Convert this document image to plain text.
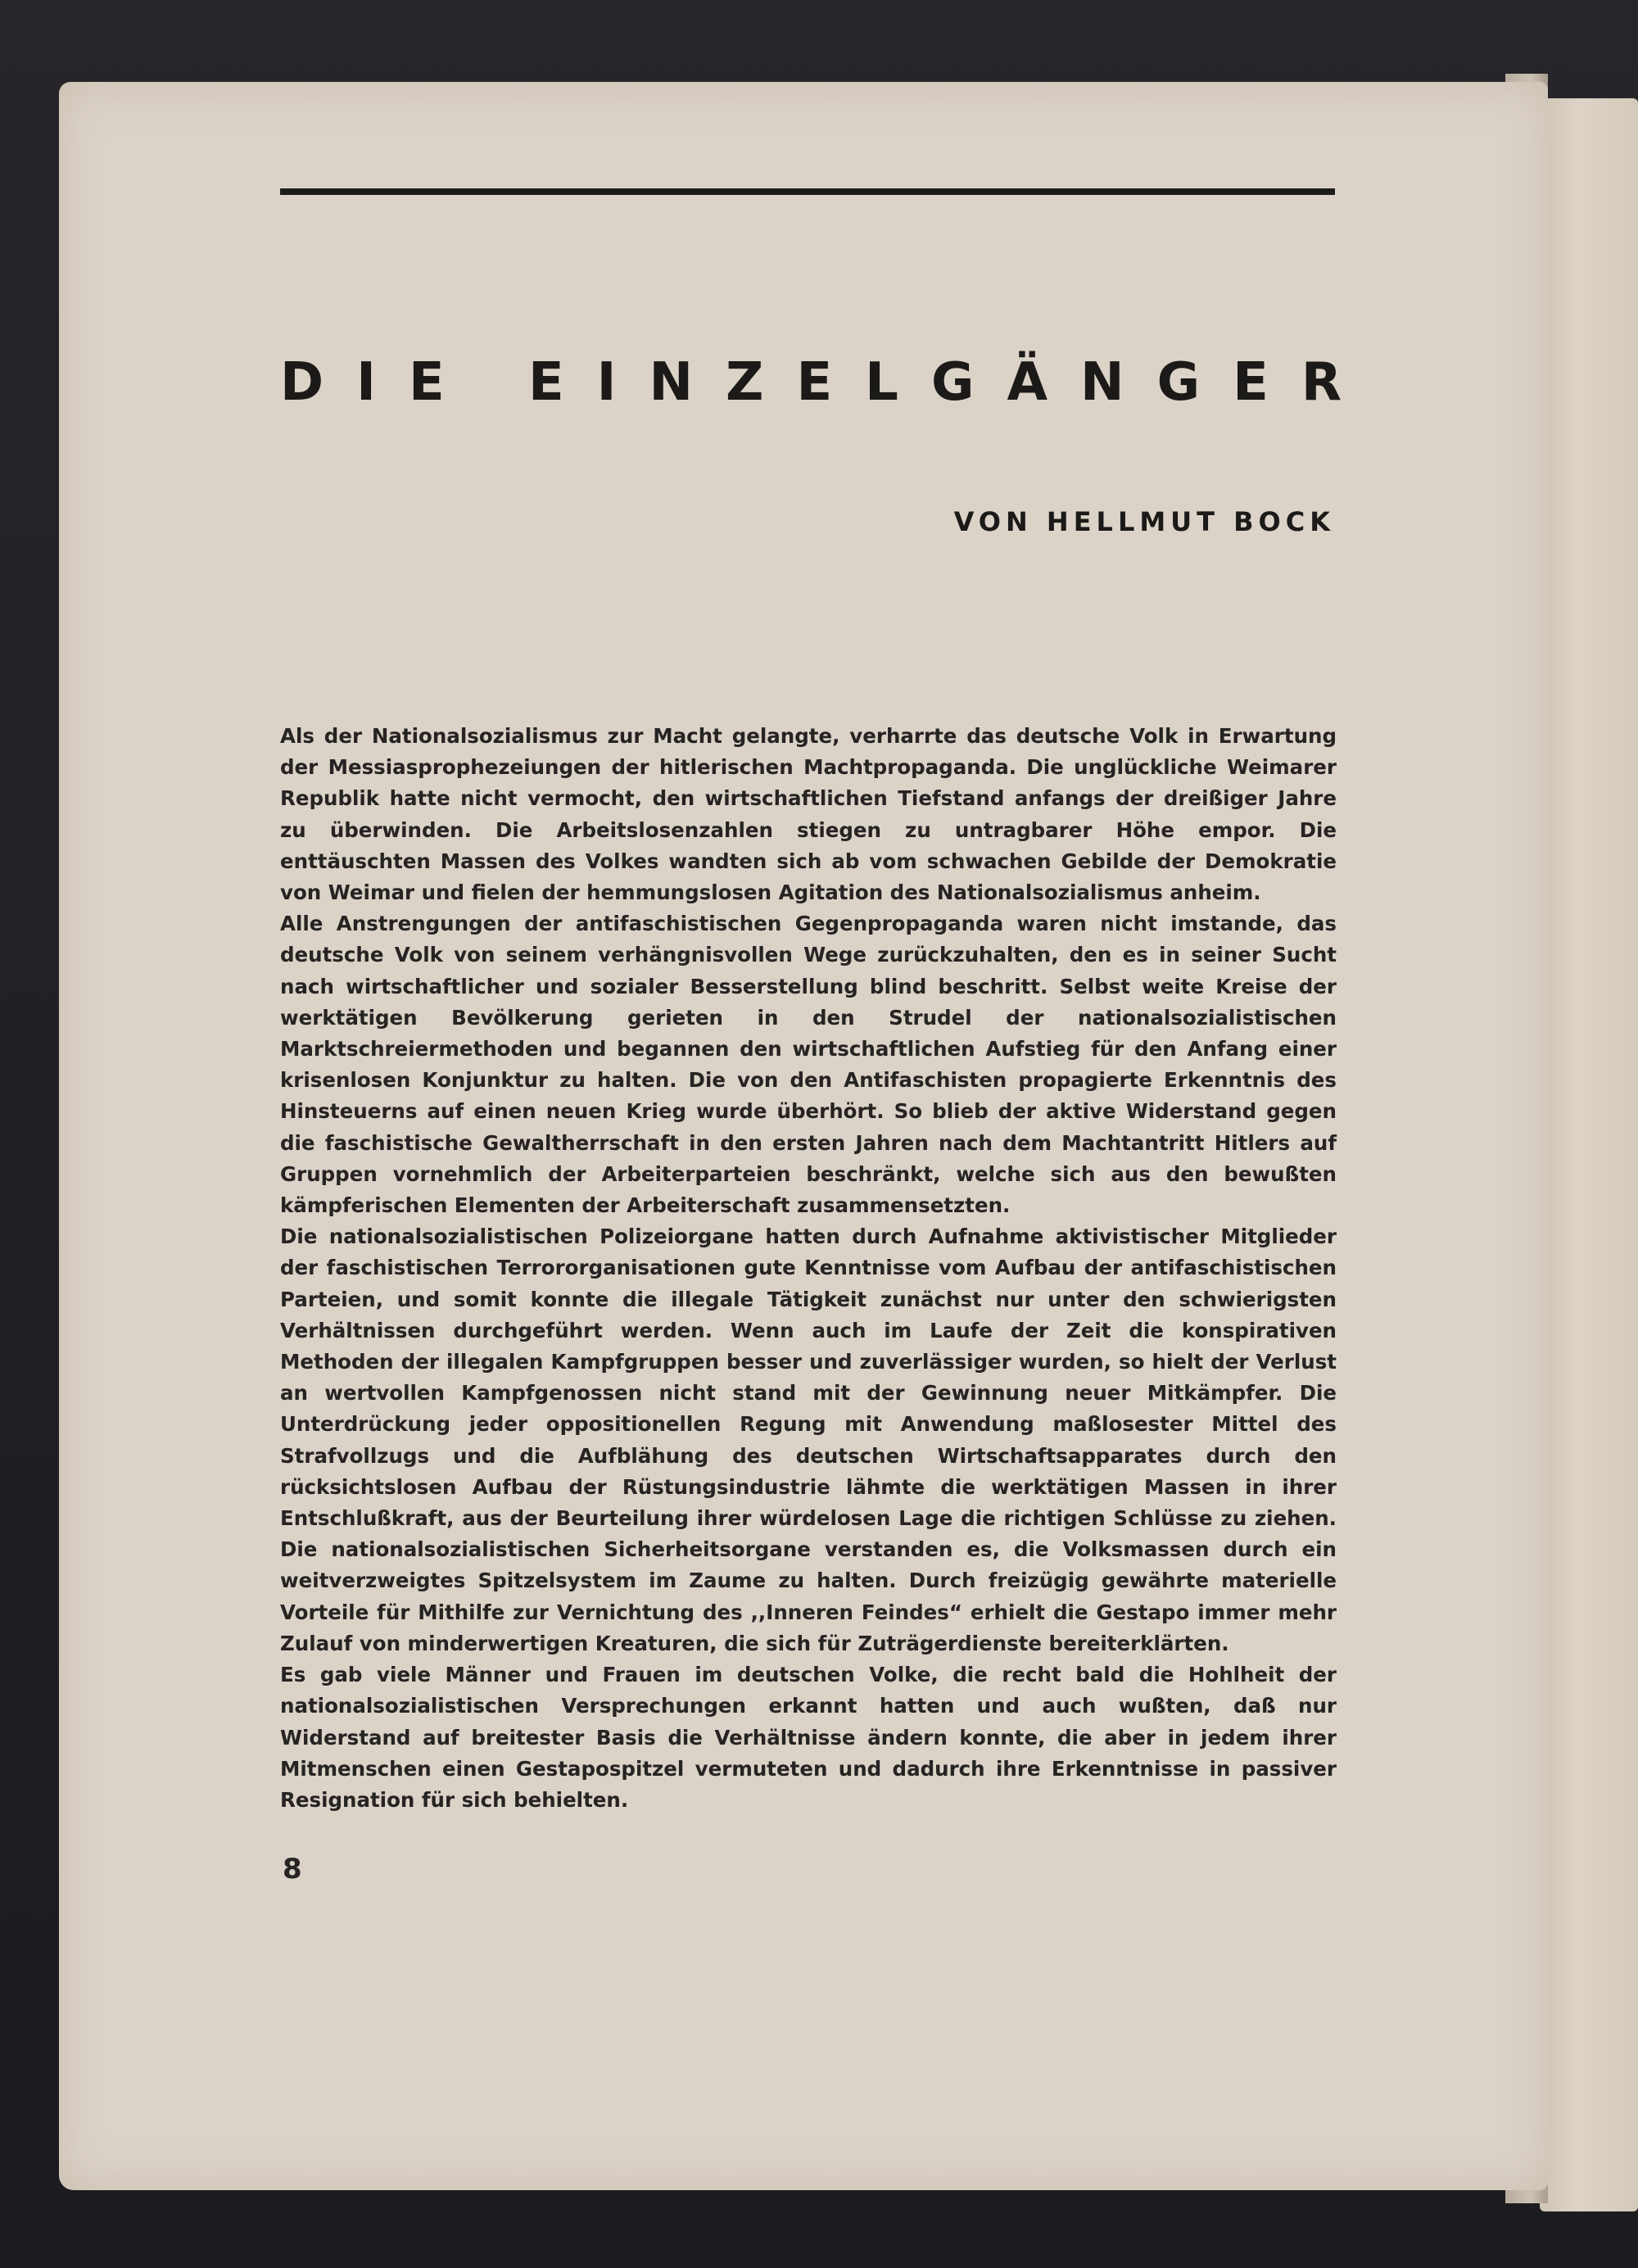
DIE EINZELGÄNGER
VON HELLMUT BOCK

Als der Nationalsozialismus zur Macht gelangte, verharrte das deutsche Volk in Erwartung der Messiasprophezeiungen der hitlerischen Machtpropaganda. Die unglückliche Weimarer Republik hatte nicht vermocht, den wirtschaftlichen Tiefstand anfangs der dreißiger Jahre zu überwinden. Die Arbeitslosenzahlen stiegen zu untragbarer Höhe empor. Die enttäuschten Massen des Volkes wandten sich ab vom schwachen Gebilde der Demokratie von Weimar und fielen der hemmungslosen Agitation des Nationalsozialismus anheim.

Alle Anstrengungen der antifaschistischen Gegenpropaganda waren nicht imstande, das deutsche Volk von seinem verhängnisvollen Wege zurückzuhalten, den es in seiner Sucht nach wirtschaftlicher und sozialer Besserstellung blind beschritt. Selbst weite Kreise der werktätigen Bevölkerung gerieten in den Strudel der nationalsozialistischen Marktschreiermethoden und begannen den wirtschaftlichen Aufstieg für den Anfang einer krisenlosen Konjunktur zu halten. Die von den Antifaschisten propagierte Erkenntnis des Hinsteuerns auf einen neuen Krieg wurde überhört. So blieb der aktive Widerstand gegen die faschistische Gewaltherrschaft in den ersten Jahren nach dem Machtantritt Hitlers auf Gruppen vornehmlich der Arbeiterparteien beschränkt, welche sich aus den bewußten kämpferischen Elementen der Arbeiterschaft zusammensetzten.

Die nationalsozialistischen Polizeiorgane hatten durch Aufnahme aktivistischer Mitglieder der faschistischen Terrororganisationen gute Kenntnisse vom Aufbau der antifaschistischen Parteien, und somit konnte die illegale Tätigkeit zunächst nur unter den schwierigsten Verhältnissen durchgeführt werden. Wenn auch im Laufe der Zeit die konspirativen Methoden der illegalen Kampfgruppen besser und zuverlässiger wurden, so hielt der Verlust an wertvollen Kampfgenossen nicht stand mit der Gewinnung neuer Mitkämpfer. Die Unterdrückung jeder oppositionellen Regung mit Anwendung maßlosester Mittel des Strafvollzugs und die Aufblähung des deutschen Wirtschaftsapparates durch den rücksichtslosen Aufbau der Rüstungsindustrie lähmte die werktätigen Massen in ihrer Entschlußkraft, aus der Beurteilung ihrer würdelosen Lage die richtigen Schlüsse zu ziehen. Die nationalsozialistischen Sicherheitsorgane verstanden es, die Volksmassen durch ein weitverzweigtes Spitzelsystem im Zaume zu halten. Durch freizügig gewährte materielle Vorteile für Mithilfe zur Vernichtung des ,,Inneren Feindes“ erhielt die Gestapo immer mehr Zulauf von minderwertigen Kreaturen, die sich für Zuträgerdienste bereiterklärten.

Es gab viele Männer und Frauen im deutschen Volke, die recht bald die Hohlheit der nationalsozialistischen Versprechungen erkannt hatten und auch wußten, daß nur Widerstand auf breitester Basis die Verhältnisse ändern konnte, die aber in jedem ihrer Mitmenschen einen Gestapospitzel vermuteten und dadurch ihre Erkenntnisse in passiver Resignation für sich behielten.

8
